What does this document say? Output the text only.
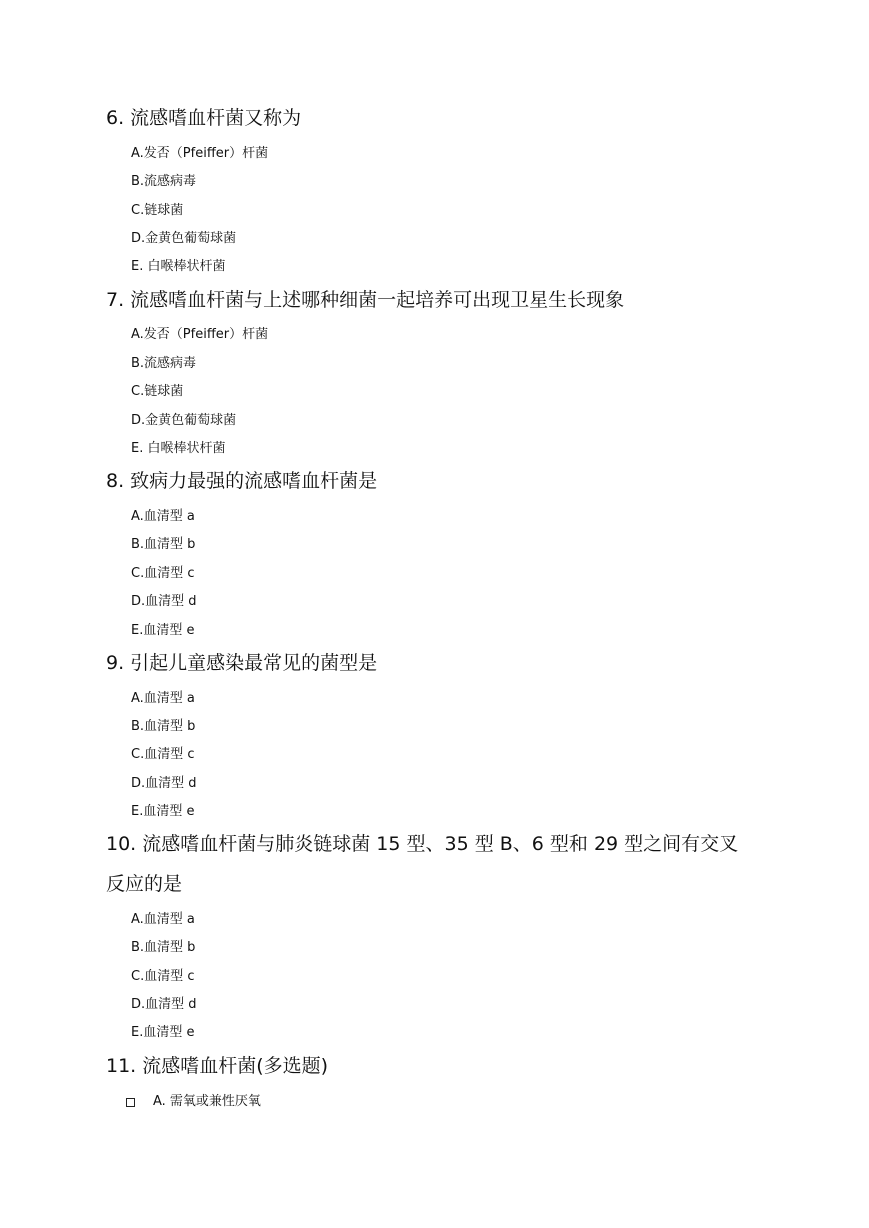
6. 流感嗜血杆菌又称为
A.发否（Pfeiffer）杆菌
B.流感病毒
C.链球菌
D.金黄色葡萄球菌
E. 白喉棒状杆菌
7. 流感嗜血杆菌与上述哪种细菌一起培养可出现卫星生长现象
A.发否（Pfeiffer）杆菌
B.流感病毒
C.链球菌
D.金黄色葡萄球菌
E. 白喉棒状杆菌
8. 致病力最强的流感嗜血杆菌是
A.血清型 a
B.血清型 b
C.血清型 c
D.血清型 d
E.血清型 e
9. 引起儿童感染最常见的菌型是
A.血清型 a
B.血清型 b
C.血清型 c
D.血清型 d
E.血清型 e
10. 流感嗜血杆菌与肺炎链球菌 15 型、35 型 B、6 型和 29 型之间有交叉
反应的是
A.血清型 a
B.血清型 b
C.血清型 c
D.血清型 d
E.血清型 e
11. 流感嗜血杆菌(多选题)
A. 需氧或兼性厌氧
